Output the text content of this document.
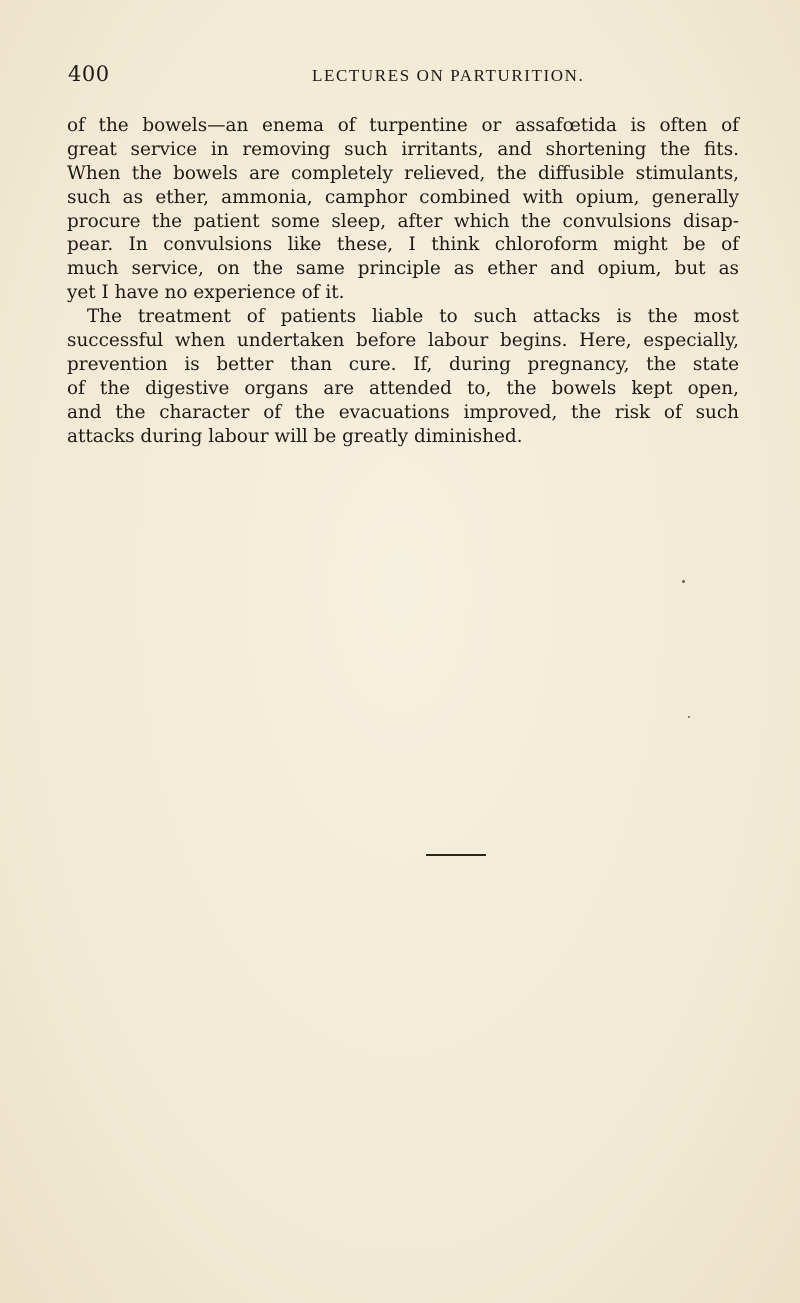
400	LECTURES ON PARTURITION.
of the bowels—an enema of turpentine or assafœtida is often of
great service in removing such irritants, and shortening the fits.
When the bowels are completely relieved, the diffusible stimulants,
such as ether, ammonia, camphor combined with opium, generally
procure the patient some sleep, after which the convulsions disap-
pear. In convulsions like these, I think chloroform might be of
much service, on the same principle as ether and opium, but as
yet I have no experience of it.
The treatment of patients liable to such attacks is the most
successful when undertaken before labour begins. Here, especially,
prevention is better than cure. If, during pregnancy, the state
of the digestive organs are attended to, the bowels kept open,
and the character of the evacuations improved, the risk of such
attacks during labour will be greatly diminished.
